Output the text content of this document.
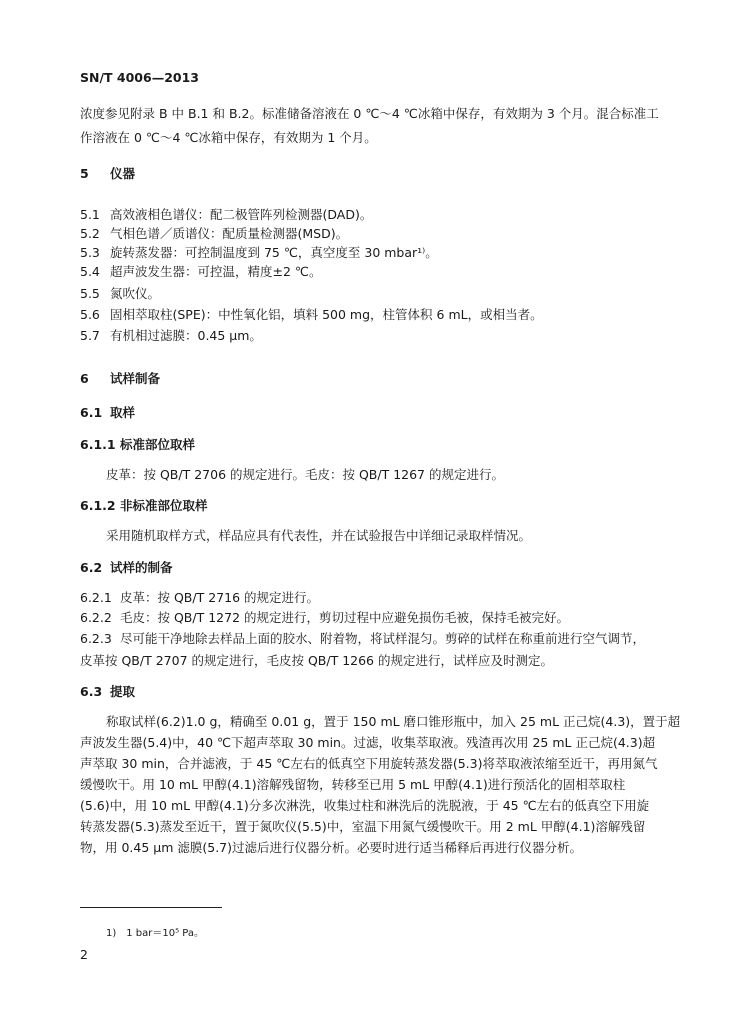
SN/T 4006—2013
浓度参见附录 B 中 B.1 和 B.2。标准储备溶液在 0 ℃～4 ℃冰箱中保存，有效期为 3 个月。混合标准工
作溶液在 0 ℃～4 ℃冰箱中保存，有效期为 1 个月。
5 仪器
5.1 高效液相色谱仪：配二极管阵列检测器(DAD)。
5.2 气相色谱／质谱仪：配质量检测器(MSD)。
5.3 旋转蒸发器：可控制温度到 75 ℃，真空度至 30 mbar¹⁾。
5.4 超声波发生器：可控温，精度±2 ℃。
5.5 氮吹仪。
5.6 固相萃取柱(SPE)：中性氧化铝，填料 500 mg，柱管体积 6 mL，或相当者。
5.7 有机相过滤膜：0.45 μm。
6 试样制备
6.1 取样
6.1.1 标准部位取样
皮革：按 QB/T 2706 的规定进行。毛皮：按 QB/T 1267 的规定进行。
6.1.2 非标准部位取样
采用随机取样方式，样品应具有代表性，并在试验报告中详细记录取样情况。
6.2 试样的制备
6.2.1 皮革：按 QB/T 2716 的规定进行。
6.2.2 毛皮：按 QB/T 1272 的规定进行，剪切过程中应避免损伤毛被，保持毛被完好。
6.2.3 尽可能干净地除去样品上面的胶水、附着物，将试样混匀。剪碎的试样在称重前进行空气调节，
皮革按 QB/T 2707 的规定进行，毛皮按 QB/T 1266 的规定进行，试样应及时测定。
6.3 提取
称取试样(6.2)1.0 g，精确至 0.01 g，置于 150 mL 磨口锥形瓶中，加入 25 mL 正己烷(4.3)，置于超
声波发生器(5.4)中，40 ℃下超声萃取 30 min。过滤，收集萃取液。残渣再次用 25 mL 正己烷(4.3)超
声萃取 30 min，合并滤液，于 45 ℃左右的低真空下用旋转蒸发器(5.3)将萃取液浓缩至近干，再用氮气
缓慢吹干。用 10 mL 甲醇(4.1)溶解残留物，转移至已用 5 mL 甲醇(4.1)进行预活化的固相萃取柱
(5.6)中，用 10 mL 甲醇(4.1)分多次淋洗，收集过柱和淋洗后的洗脱液，于 45 ℃左右的低真空下用旋
转蒸发器(5.3)蒸发至近干，置于氮吹仪(5.5)中，室温下用氮气缓慢吹干。用 2 mL 甲醇(4.1)溶解残留
物，用 0.45 μm 滤膜(5.7)过滤后进行仪器分析。必要时进行适当稀释后再进行仪器分析。
1)　1 bar＝10⁵ Pa。
2
